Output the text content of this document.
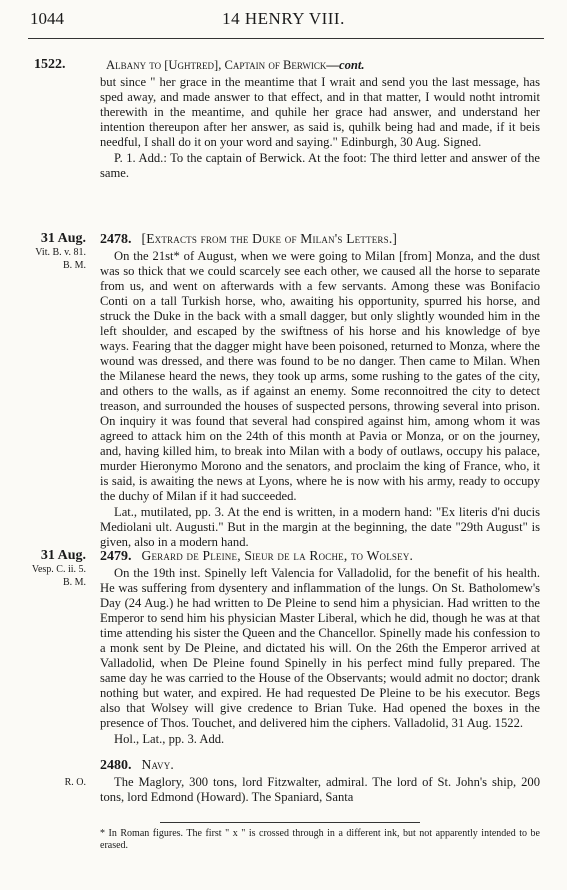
1044	14 HENRY VIII.
1522.	Albany to [Ughtred], Captain of Berwick—cont.

but since " her grace in the meantime that I wrait and send you the last message, has sped away, and made answer to that effect, and in that matter, I would notht intromit therewith in the meantime, and quhile her grace had answer, and understand her intention thereupon after her answer, as said is, quhilk being had and made, if it beis needful, I shall do it on your word and saying." Edinburgh, 30 Aug. Signed.

P. 1. Add.: To the captain of Berwick. At the foot: The third letter and answer of the same.

31 Aug.
Vit. B. v. 81.
B. M.
2478. [Extracts from the Duke of Milan's Letters.]

On the 21st* of August, when we were going to Milan [from] Monza, and the dust was so thick that we could scarcely see each other, we caused all the horse to separate from us, and went on afterwards with a few servants. Among these was Bonifacio Conti on a tall Turkish horse, who, awaiting his opportunity, spurred his horse, and struck the Duke in the back with a small dagger, but only slightly wounded him in the left shoulder, and escaped by the swiftness of his horse and his knowledge of bye ways. Fearing that the dagger might have been poisoned, returned to Monza, where the wound was dressed, and there was found to be no danger. Then came to Milan. When the Milanese heard the news, they took up arms, some rushing to the gates of the city, and others to the walls, as if against an enemy. Some reconnoitred the city to detect treason, and surrounded the houses of suspected persons, throwing several into prison. On inquiry it was found that several had conspired against him, among whom it was agreed to attack him on the 24th of this month at Pavia or Monza, or on the journey, and, having killed him, to break into Milan with a body of outlaws, occupy his palace, murder Hieronymo Morono and the senators, and proclaim the king of France, who, it is said, is awaiting the news at Lyons, where he is now with his army, ready to occupy the duchy of Milan if it had succeeded.

Lat., mutilated, pp. 3. At the end is written, in a modern hand: "Ex literis d'ni ducis Mediolani ult. Augusti." But in the margin at the beginning, the date "29th August" is given, also in a modern hand.

31 Aug.
Vesp. C. ii. 5.
B. M.
2479. Gerard de Pleine, Sieur de la Roche, to Wolsey.

On the 19th inst. Spinelly left Valencia for Valladolid, for the benefit of his health. He was suffering from dysentery and inflammation of the lungs. On St. Batholomew's Day (24 Aug.) he had written to De Pleine to send him a physician. Had written to the Emperor to send him his physician Master Liberal, which he did, though he was at that time attending his sister the Queen and the Chancellor. Spinelly made his confession to a monk sent by De Pleine, and dictated his will. On the 26th the Emperor arrived at Valladolid, when De Pleine found Spinelly in his perfect mind fully prepared. The same day he was carried to the House of the Observants; would admit no doctor; drank nothing but water, and expired. He had requested De Pleine to be his executor. Begs also that Wolsey will give credence to Brian Tuke. Had opened the boxes in the presence of Thos. Touchet, and delivered him the ciphers. Valladolid, 31 Aug. 1522.

Hol., Lat., pp. 3. Add.

R. O.
2480. Navy.

The Maglory, 300 tons, lord Fitzwalter, admiral. The lord of St. John's ship, 200 tons, lord Edmond (Howard). The Spaniard, Santa

* In Roman figures. The first " x " is crossed through in a different ink, but not apparently intended to be erased.
